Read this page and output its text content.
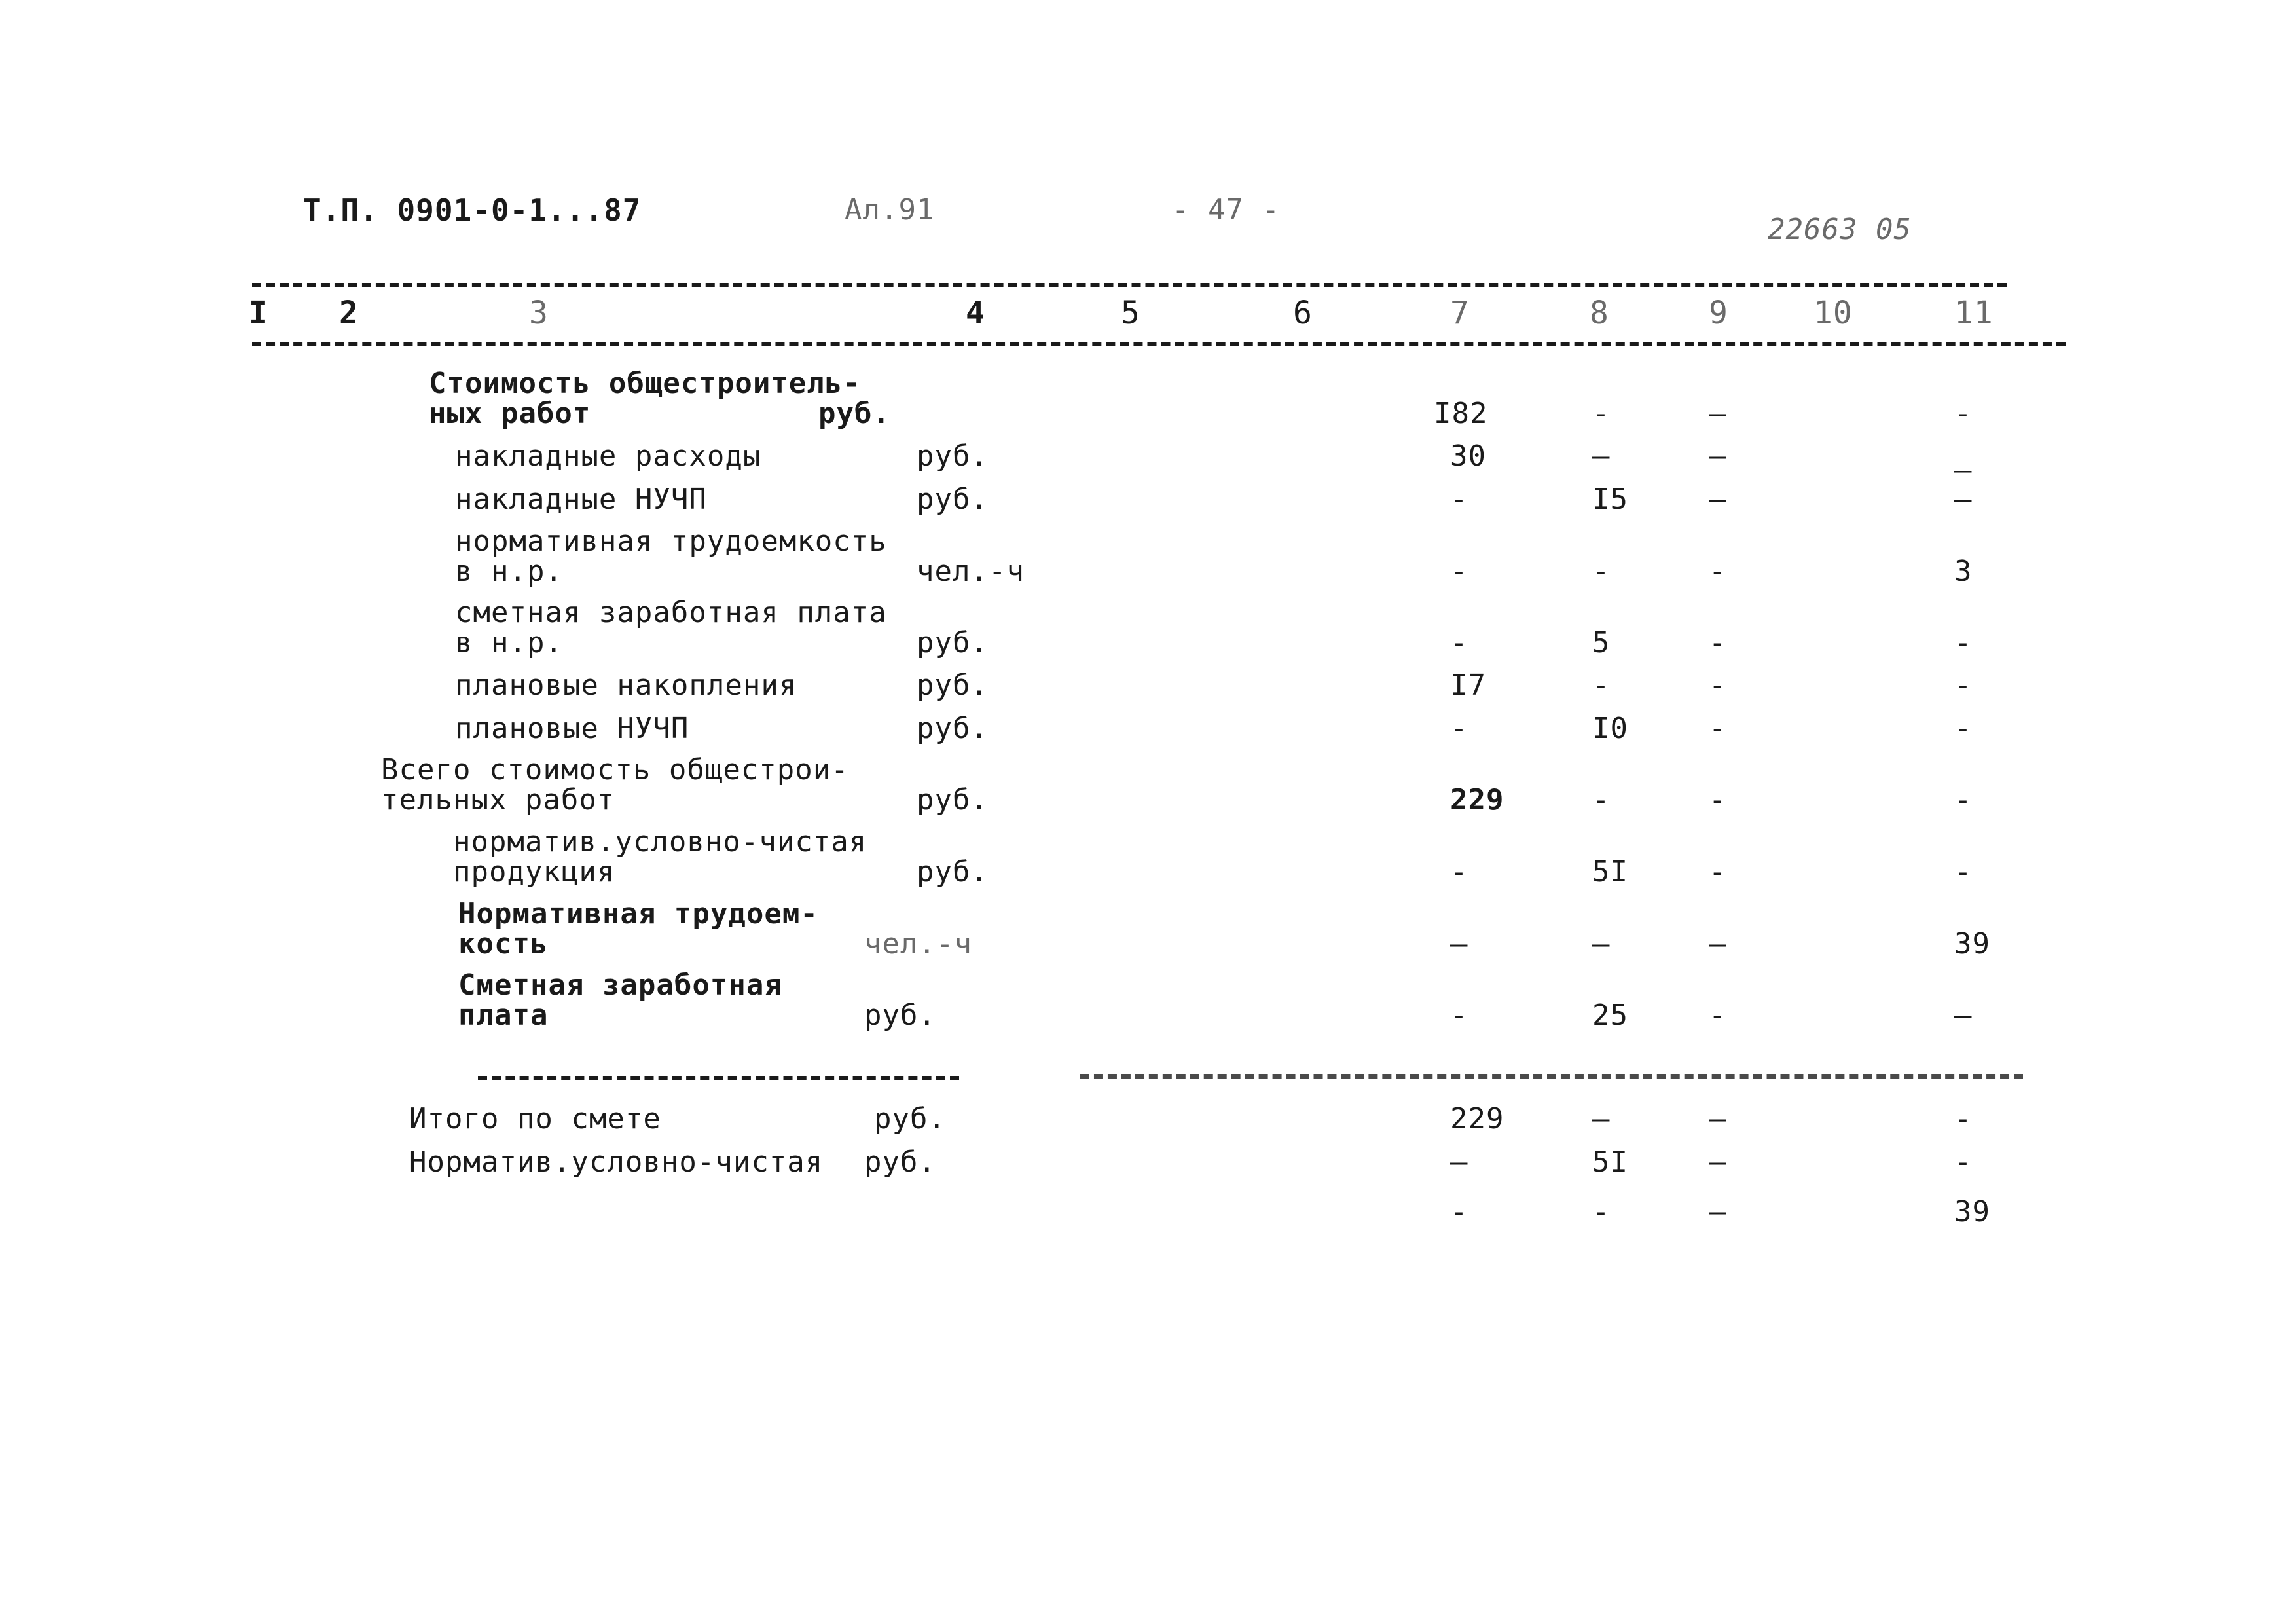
Т.П. 0901-0-1...87	Ал.91	- 47 -
22663 05
I 2	3	4	5	6	7	8	9	10	11
Стоимость общестроитель-
ных работ	руб.	I82	-	–	-
накладные расходы	руб.	30	–	–	_
накладные НУЧП	руб.	-	I5	–	–
нормативная трудоемкость
в н.р.	чел.-ч	-	-	-	3
сметная заработная плата
в н.р.	руб.	-	5	-	-
плановые накопления	руб.	I7	-	-	-
плановые НУЧП	руб.	-	I0	-	-
Всего стоимость общестрои-
тельных работ	руб.	229	-	-	-
норматив.условно-чистая
продукция	руб.	-	5I	-	-
Нормативная трудоем-
кость	чел.-ч	–	—	–	39
Сметная заработная
плата	руб.	-	25	-	—
Итого по смете	руб.	229	–	–	-
Норматив.условно-чистая руб.	–	5I	–	-
-	-	—	39
